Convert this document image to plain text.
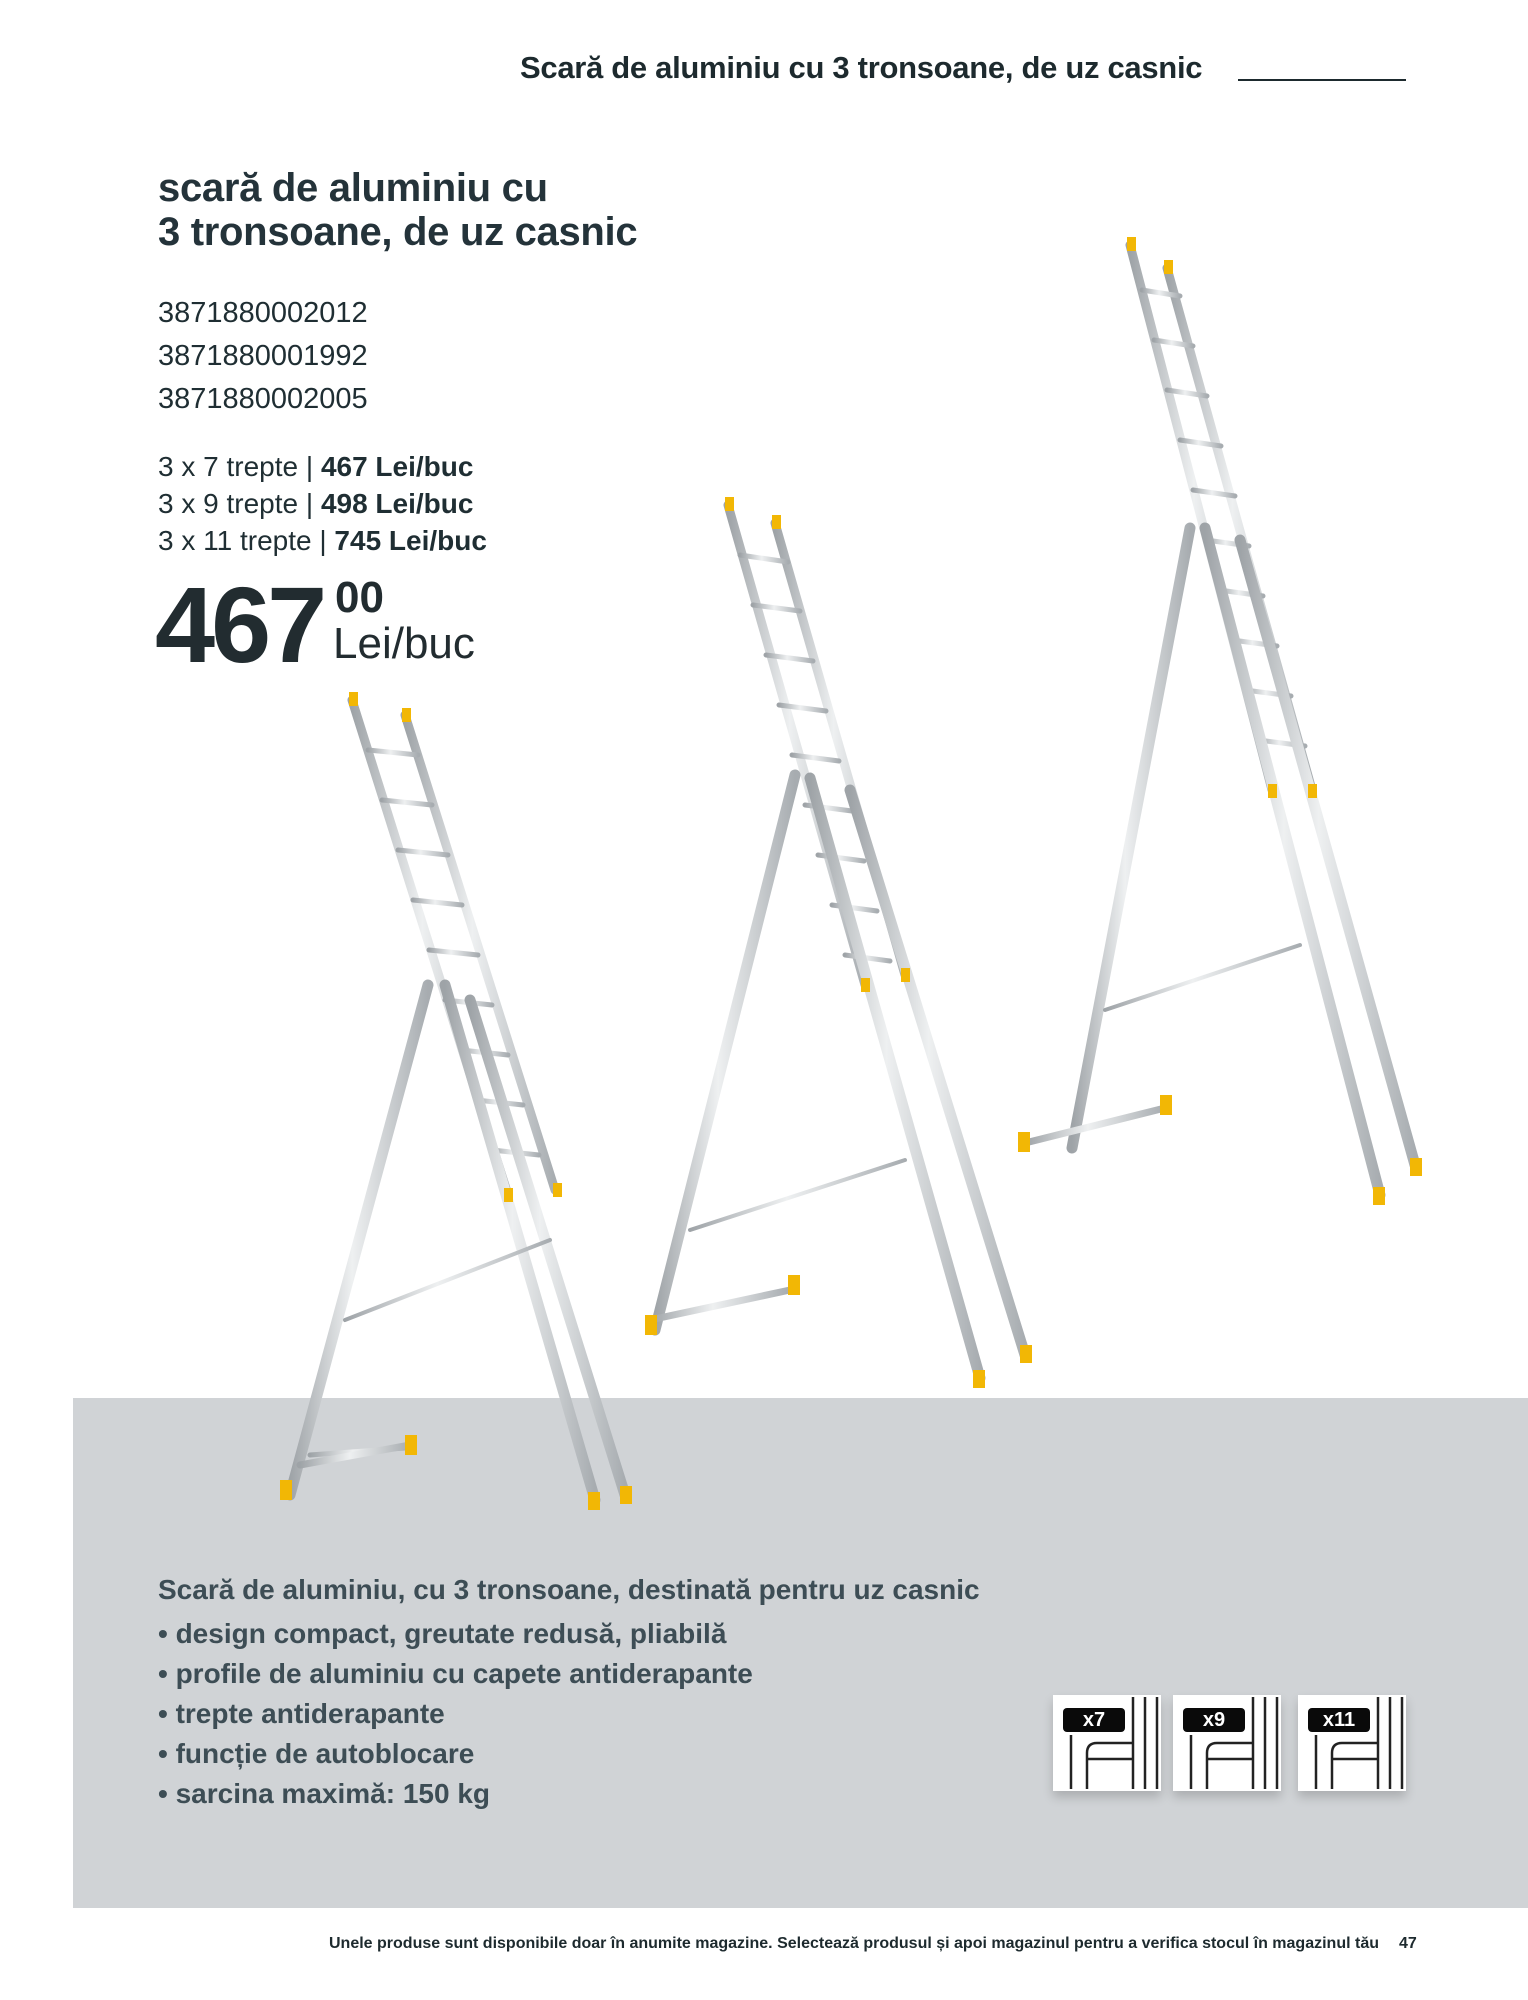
Scară de aluminiu cu 3 tronsoane, de uz casnic
scară de aluminiu cu
3 tronsoane, de uz casnic
3871880002012
3871880001992
3871880002005
3 x 7 trepte | 467 Lei/buc
3 x 9 trepte | 498 Lei/buc
3 x 11 trepte | 745 Lei/buc
467 00
Lei/buc
Scară de aluminiu, cu 3 tronsoane, destinată pentru uz casnic
• design compact, greutate redusă, pliabilă
• profile de aluminiu cu capete antiderapante
• trepte antiderapante
• funcție de autoblocare
• sarcina maximă: 150 kg
x7	x9	x11
Unele produse sunt disponibile doar în anumite magazine. Selectează produsul și apoi magazinul pentru a verifica stocul în magazinul tău 47
